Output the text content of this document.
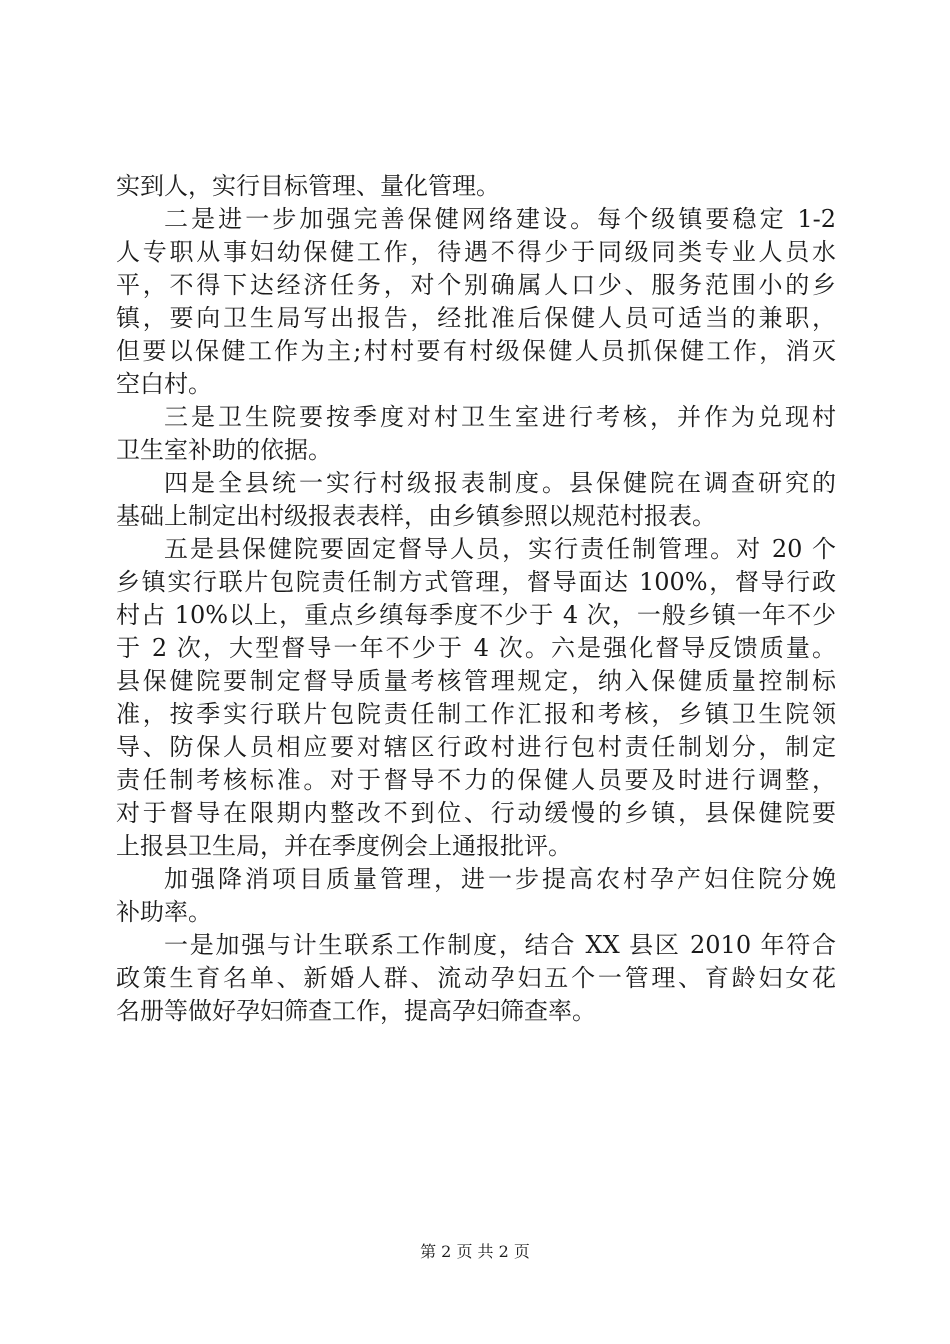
实到人，实行目标管理、量化管理。
二是进一步加强完善保健网络建设。每个级镇要稳定 1-2
人专职从事妇幼保健工作，待遇不得少于同级同类专业人员水
平，不得下达经济任务，对个别确属人口少、服务范围小的乡
镇，要向卫生局写出报告，经批准后保健人员可适当的兼职，
但要以保健工作为主;村村要有村级保健人员抓保健工作，消灭
空白村。
三是卫生院要按季度对村卫生室进行考核，并作为兑现村
卫生室补助的依据。
四是全县统一实行村级报表制度。县保健院在调查研究的
基础上制定出村级报表表样，由乡镇参照以规范村报表。
五是县保健院要固定督导人员，实行责任制管理。对 20 个
乡镇实行联片包院责任制方式管理，督导面达 100%，督导行政
村占 10%以上，重点乡缜每季度不少于 4 次，一般乡镇一年不少
于 2 次，大型督导一年不少于 4 次。六是强化督导反馈质量。
县保健院要制定督导质量考核管理规定，纳入保健质量控制标
准，按季实行联片包院责任制工作汇报和考核，乡镇卫生院领
导、防保人员相应要对辖区行政村进行包村责任制划分，制定
责任制考核标准。对于督导不力的保健人员要及时进行调整，
对于督导在限期内整改不到位、行动缓慢的乡镇，县保健院要
上报县卫生局，并在季度例会上通报批评。
加强降消项目质量管理，进一步提高农村孕产妇住院分娩
补助率。
一是加强与计生联系工作制度，结合 XX 县区 2010 年符合
政策生育名单、新婚人群、流动孕妇五个一管理、育龄妇女花
名册等做好孕妇筛查工作，提高孕妇筛查率。
第 2 页 共 2 页
